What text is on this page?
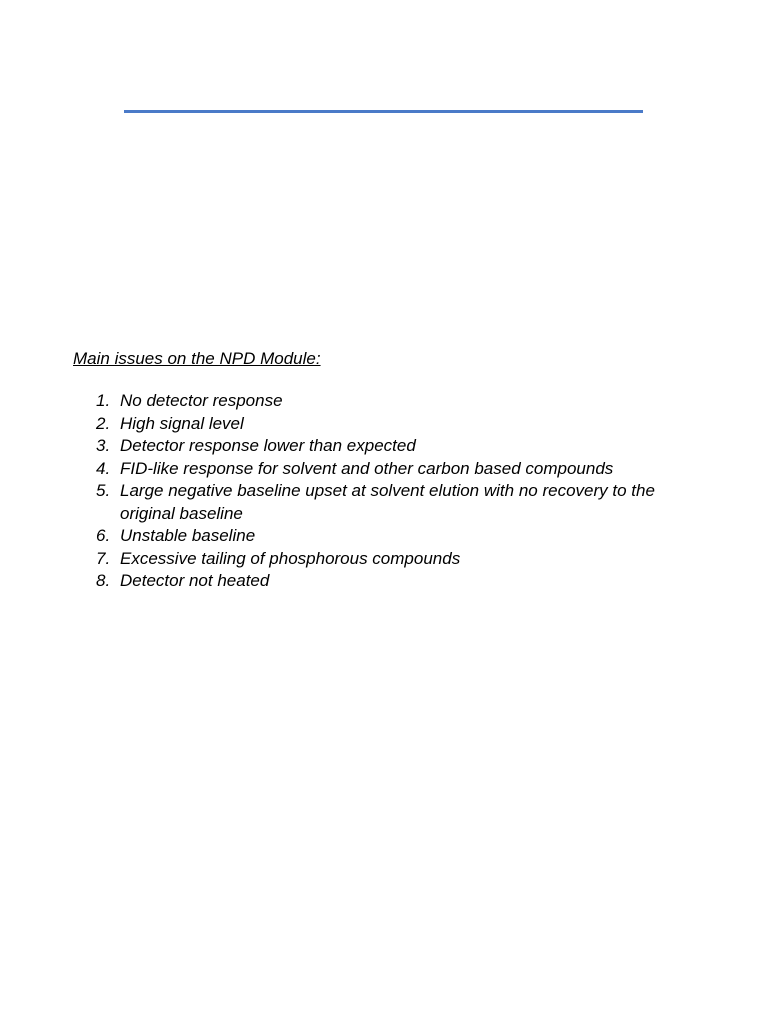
Main issues on the NPD Module:
1. No detector response
2. High signal level
3. Detector response lower than expected
4. FID-like response for solvent and other carbon based compounds
5. Large negative baseline upset at solvent elution with no recovery to the original baseline
6. Unstable baseline
7. Excessive tailing of phosphorous compounds
8. Detector not heated
